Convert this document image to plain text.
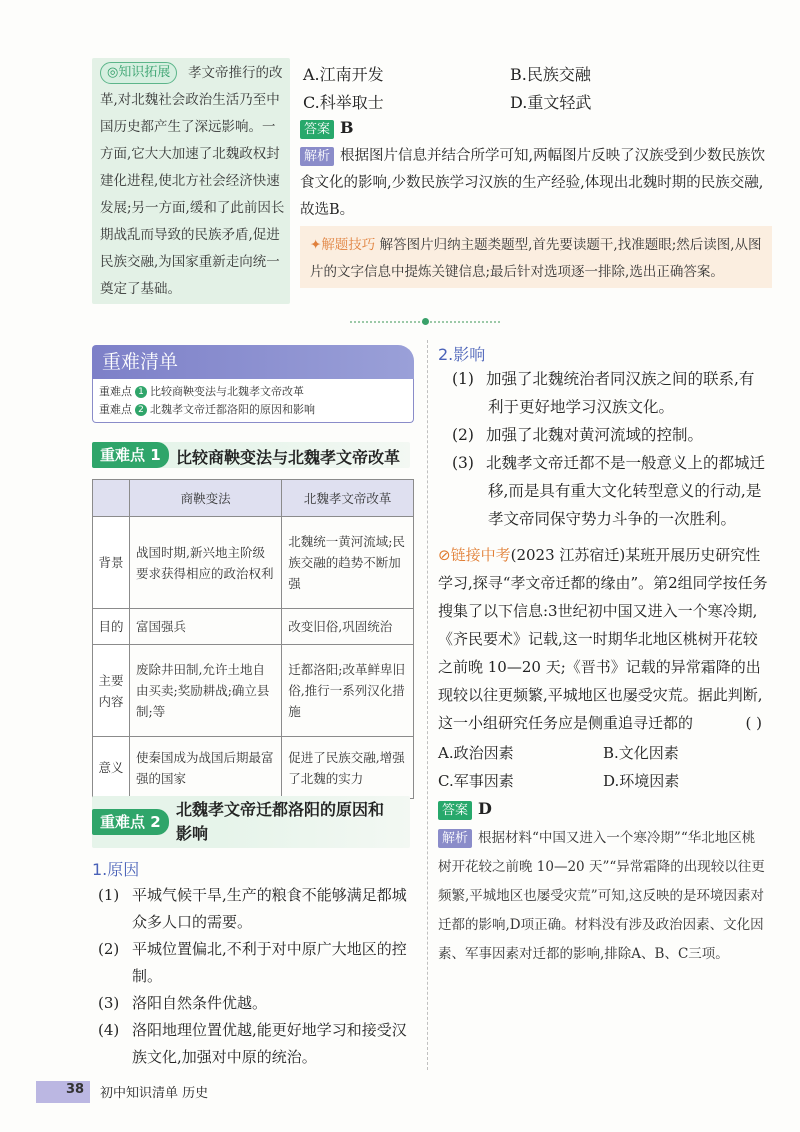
孝文帝推行的改革,对北魏社会政治生活乃至中国历史都产生了深远影响。一方面,它大大加速了北魏政权封建化进程,使北方社会经济快速发展;另一方面,缓和了此前因长期战乱而导致的民族矛盾,促进民族交融,为国家重新走向统一奠定了基础。
◎知识拓展	A.江南开发	B.民族交融
C.科举取士	D.重文轻武
答案 B
解析 根据图片信息并结合所学可知,两幅图片反映了汉族受到少数民族饮食文化的影响,少数民族学习汉族的生产经验,体现出北魏时期的民族交融,故选B。
✦解题技巧 解答图片归纳主题类题型,首先要读题干,找准题眼;然后读图,从图片的文字信息中提炼关键信息;最后针对选项逐一排除,选出正确答案。
重难清单
重难点 1 比较商鞅变法与北魏孝文帝改革
重难点 2 北魏孝文帝迁都洛阳的原因和影响
重难点 1 比较商鞅变法与北魏孝文帝改革
	商鞅变法	北魏孝文帝改革
背景	战国时期,新兴地主阶级要求获得相应的政治权利	北魏统一黄河流域;民族交融的趋势不断加强
目的	富国强兵	改变旧俗,巩固统治
主要内容	废除井田制,允许土地自由买卖;奖励耕战;确立县制;等	迁都洛阳;改革鲜卑旧俗,推行一系列汉化措施
意义	使秦国成为战国后期最富强的国家	促进了民族交融,增强了北魏的实力
重难点 2
北魏孝文帝迁都洛阳的原因和
影响
1.原因
(1) 平城气候干旱,生产的粮食不能够满足都城众多人口的需要。
(2) 平城位置偏北,不利于对中原广大地区的控制。
(3) 洛阳自然条件优越。
(4) 洛阳地理位置优越,能更好地学习和接受汉族文化,加强对中原的统治。
2.影响
(1) 加强了北魏统治者同汉族之间的联系,有利于更好地学习汉族文化。
(2) 加强了北魏对黄河流域的控制。
(3) 北魏孝文帝迁都不是一般意义上的都城迁移,而是具有重大文化转型意义的行动,是孝文帝同保守势力斗争的一次胜利。
⊘链接中考(2023 江苏宿迁)某班开展历史研究性学习,探寻“孝文帝迁都的缘由”。第2组同学按任务搜集了以下信息:3世纪初中国又进入一个寒冷期,《齐民要术》记载,这一时期华北地区桃树开花较之前晚 10—20 天;《晋书》记载的异常霜降的出现较以往更频繁,平城地区也屡受灾荒。据此判断,这一小组研究任务应是侧重追寻迁都的	( )
A.政治因素	B.文化因素
C.军事因素	D.环境因素
答案 D
解析 根据材料“中国又进入一个寒冷期”“华北地区桃树开花较之前晚 10—20 天”“异常霜降的出现较以往更频繁,平城地区也屡受灾荒”可知,这反映的是环境因素对迁都的影响,D项正确。材料没有涉及政治因素、文化因素、军事因素对迁都的影响,排除A、B、C三项。
38 初中知识清单 历史
